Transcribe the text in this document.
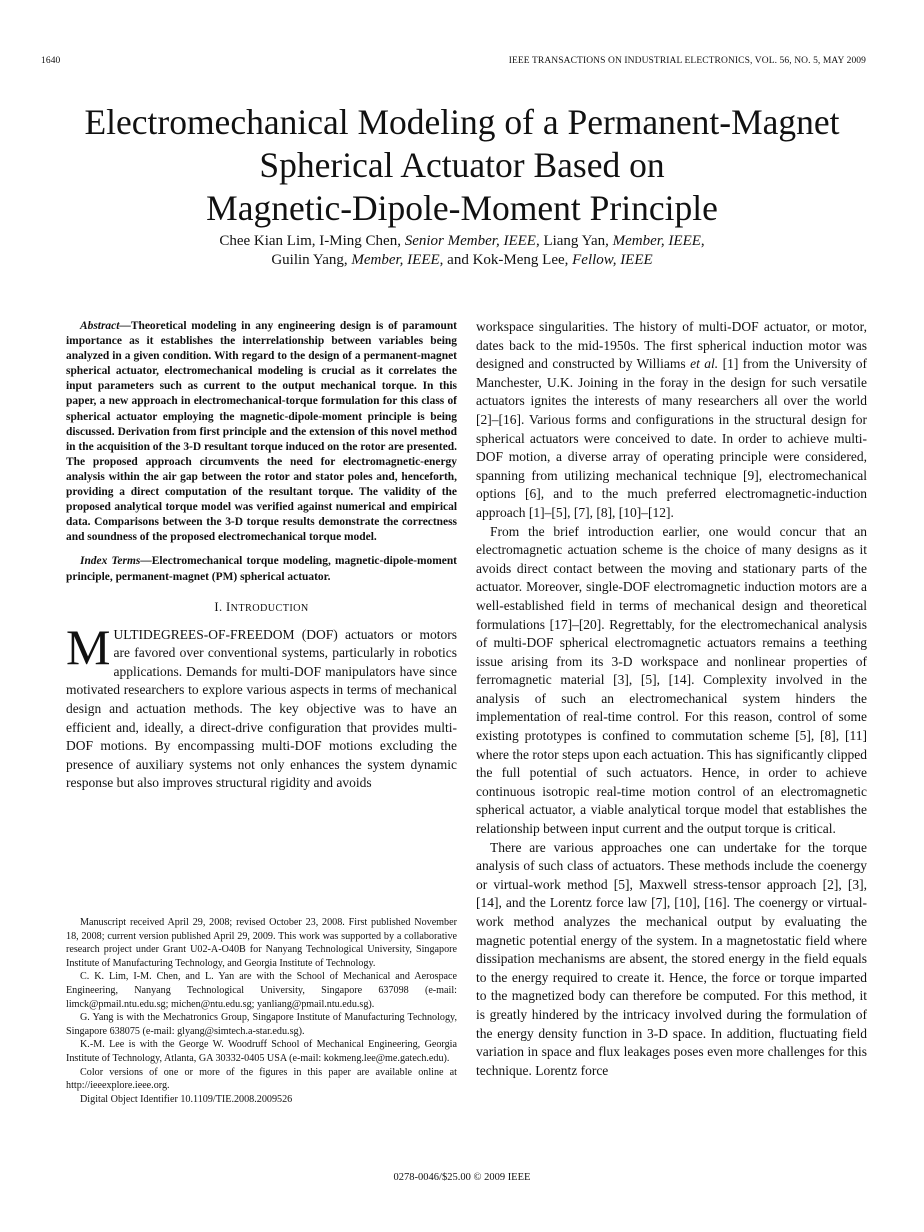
1640	IEEE TRANSACTIONS ON INDUSTRIAL ELECTRONICS, VOL. 56, NO. 5, MAY 2009
Electromechanical Modeling of a Permanent-Magnet
Spherical Actuator Based on
Magnetic-Dipole-Moment Principle
Chee Kian Lim, I-Ming Chen, Senior Member, IEEE, Liang Yan, Member, IEEE,
Guilin Yang, Member, IEEE, and Kok-Meng Lee, Fellow, IEEE

Abstract—Theoretical modeling in any engineering design is of paramount importance as it establishes the interrelationship between variables being analyzed in a given condition. With regard to the design of a permanent-magnet spherical actuator, electromechanical modeling is crucial as it correlates the input parameters such as current to the output mechanical torque. In this paper, a new approach in electromechanical-torque formulation for this class of spherical actuator employing the magnetic-dipole-moment principle is being discussed. Derivation from first principle and the extension of this novel method in the acquisition of the 3-D resultant torque induced on the rotor are presented. The proposed approach circumvents the need for electromagnetic-energy analysis within the air gap between the rotor and stator poles and, henceforth, providing a direct computation of the resultant torque. The validity of the proposed analytical torque model was verified against numerical and empirical data. Comparisons between the 3-D torque results demonstrate the correctness and soundness of the proposed electromechanical torque model.

Index Terms—Electromechanical torque modeling, magnetic-dipole-moment principle, permanent-magnet (PM) spherical actuator.

I. INTRODUCTION

MULTIDEGREES-OF-FREEDOM (DOF) actuators or motors are favored over conventional systems, particularly in robotics applications. Demands for multi-DOF manipulators have since motivated researchers to explore various aspects in terms of mechanical design and actuation methods. The key objective was to have an efficient and, ideally, a direct-drive configuration that provides multi-DOF motions. By encompassing multi-DOF motions excluding the presence of auxiliary systems not only enhances the system dynamic response but also improves structural rigidity and avoids

Manuscript received April 29, 2008; revised October 23, 2008. First published November 18, 2008; current version published April 29, 2009. This work was supported by a collaborative research project under Grant U02-A-O40B for Nanyang Technological University, Singapore Institute of Manufacturing Technology, and Georgia Institute of Technology.

C. K. Lim, I-M. Chen, and L. Yan are with the School of Mechanical and Aerospace Engineering, Nanyang Technological University, Singapore 637098 (e-mail: limck@pmail.ntu.edu.sg; michen@ntu.edu.sg; yanliang@pmail.ntu.edu.sg).

G. Yang is with the Mechatronics Group, Singapore Institute of Manufacturing Technology, Singapore 638075 (e-mail: glyang@simtech.a-star.edu.sg).

K.-M. Lee is with the George W. Woodruff School of Mechanical Engineering, Georgia Institute of Technology, Atlanta, GA 30332-0405 USA (e-mail: kokmeng.lee@me.gatech.edu).

Color versions of one or more of the figures in this paper are available online at http://ieeexplore.ieee.org.

Digital Object Identifier 10.1109/TIE.2008.2009526

workspace singularities. The history of multi-DOF actuator, or motor, dates back to the mid-1950s. The first spherical induction motor was designed and constructed by Williams et al. [1] from the University of Manchester, U.K. Joining in the foray in the design for such versatile actuators ignites the interests of many researchers all over the world [2]–[16]. Various forms and configurations in the structural design for spherical actuators were conceived to date. In order to achieve multi-DOF motion, a diverse array of operating principle were considered, spanning from utilizing mechanical technique [9], electromechanical options [6], and to the much preferred electromagnetic-induction approach [1]–[5], [7], [8], [10]–[12].

From the brief introduction earlier, one would concur that an electromagnetic actuation scheme is the choice of many designs as it avoids direct contact between the moving and stationary parts of the actuator. Moreover, single-DOF electromagnetic induction motors are a well-established field in terms of mechanical design and theoretical formulations [17]–[20]. Regrettably, for the electromechanical analysis of multi-DOF spherical electromagnetic actuators remains a teething issue arising from its 3-D workspace and nonlinear properties of ferromagnetic material [3], [5], [14]. Complexity involved in the analysis of such an electromechanical system hinders the implementation of real-time control. For this reason, control of some existing prototypes is confined to commutation scheme [5], [8], [11] where the rotor steps upon each actuation. This has significantly clipped the full potential of such actuators. Hence, in order to achieve continuous isotropic real-time motion control of an electromagnetic spherical actuator, a viable analytical torque model that establishes the relationship between input current and the output torque is critical.

There are various approaches one can undertake for the torque analysis of such class of actuators. These methods include the coenergy or virtual-work method [5], Maxwell stress-tensor approach [2], [3], [14], and the Lorentz force law [7], [10], [16]. The coenergy or virtual-work method analyzes the mechanical output by evaluating the magnetic potential energy of the system. In a magnetostatic field where dissipation mechanisms are absent, the stored energy in the field equals to the energy required to create it. Hence, the force or torque imparted to the magnetized body can therefore be computed. For this method, it is greatly hindered by the intricacy involved during the formulation of the energy density function in 3-D space. In addition, fluctuating field variation in space and flux leakages poses even more challenges for this technique. Lorentz force

0278-0046/$25.00 © 2009 IEEE
